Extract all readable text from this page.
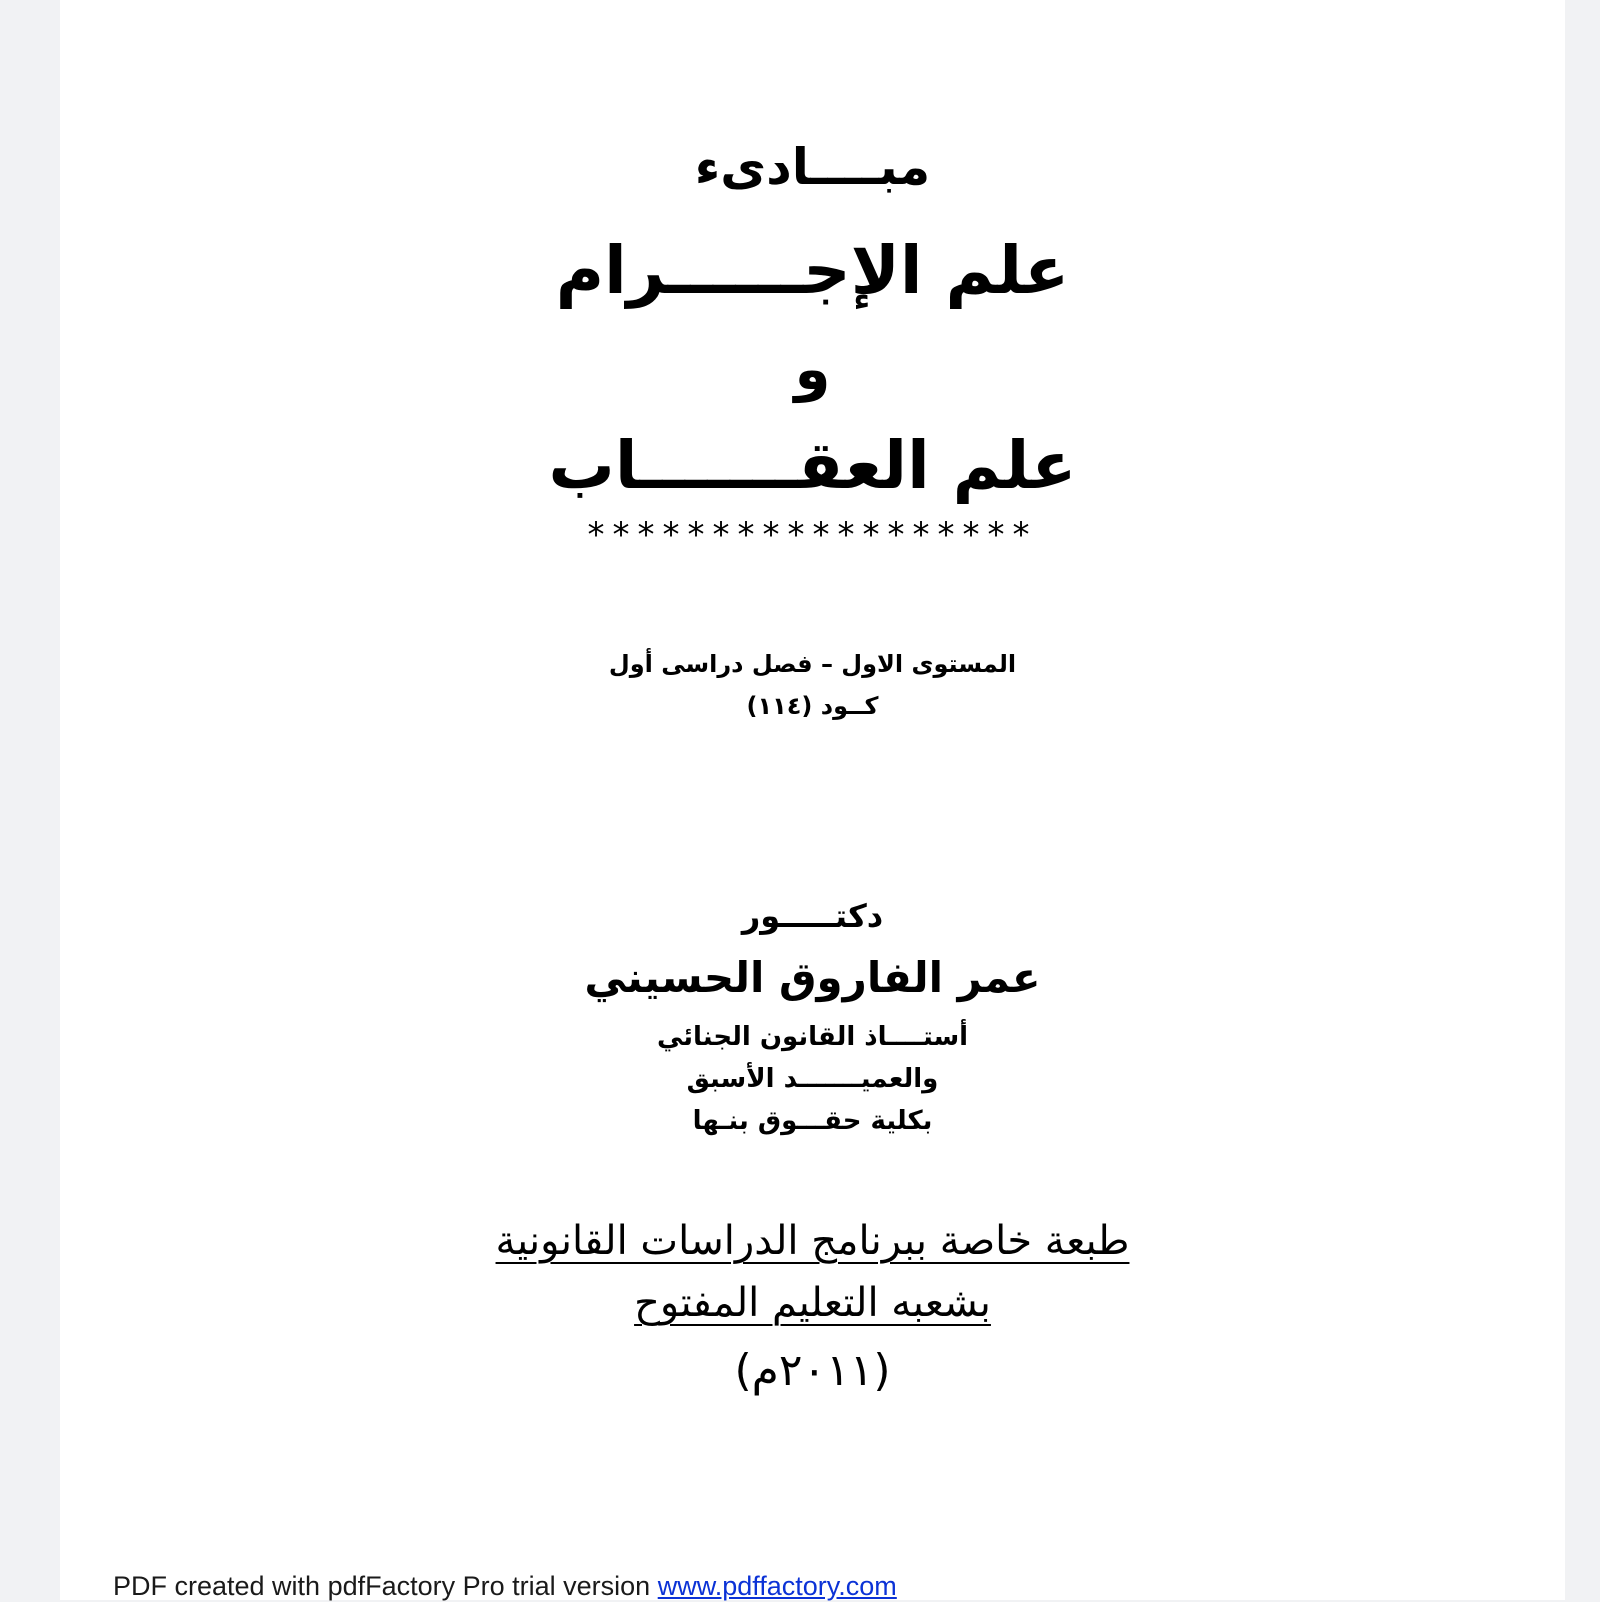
مبــــادىء
علم الإجــــــرام
و
علم العقـــــــاب
******************
المستوى الاول – فصل دراسى أول
كــود (١١٤)
دكتـــــور
عمر الفاروق الحسيني
أستــــاذ القانون الجنائي
والعميـــــــد الأسبق
بكلية حقـــوق بنـها
طبعة خاصة ببرنامج الدراسات القانونية
بشعبه التعليم المفتوح
(٢٠١١م)
PDF created with pdfFactory Pro trial version www.pdffactory.com
